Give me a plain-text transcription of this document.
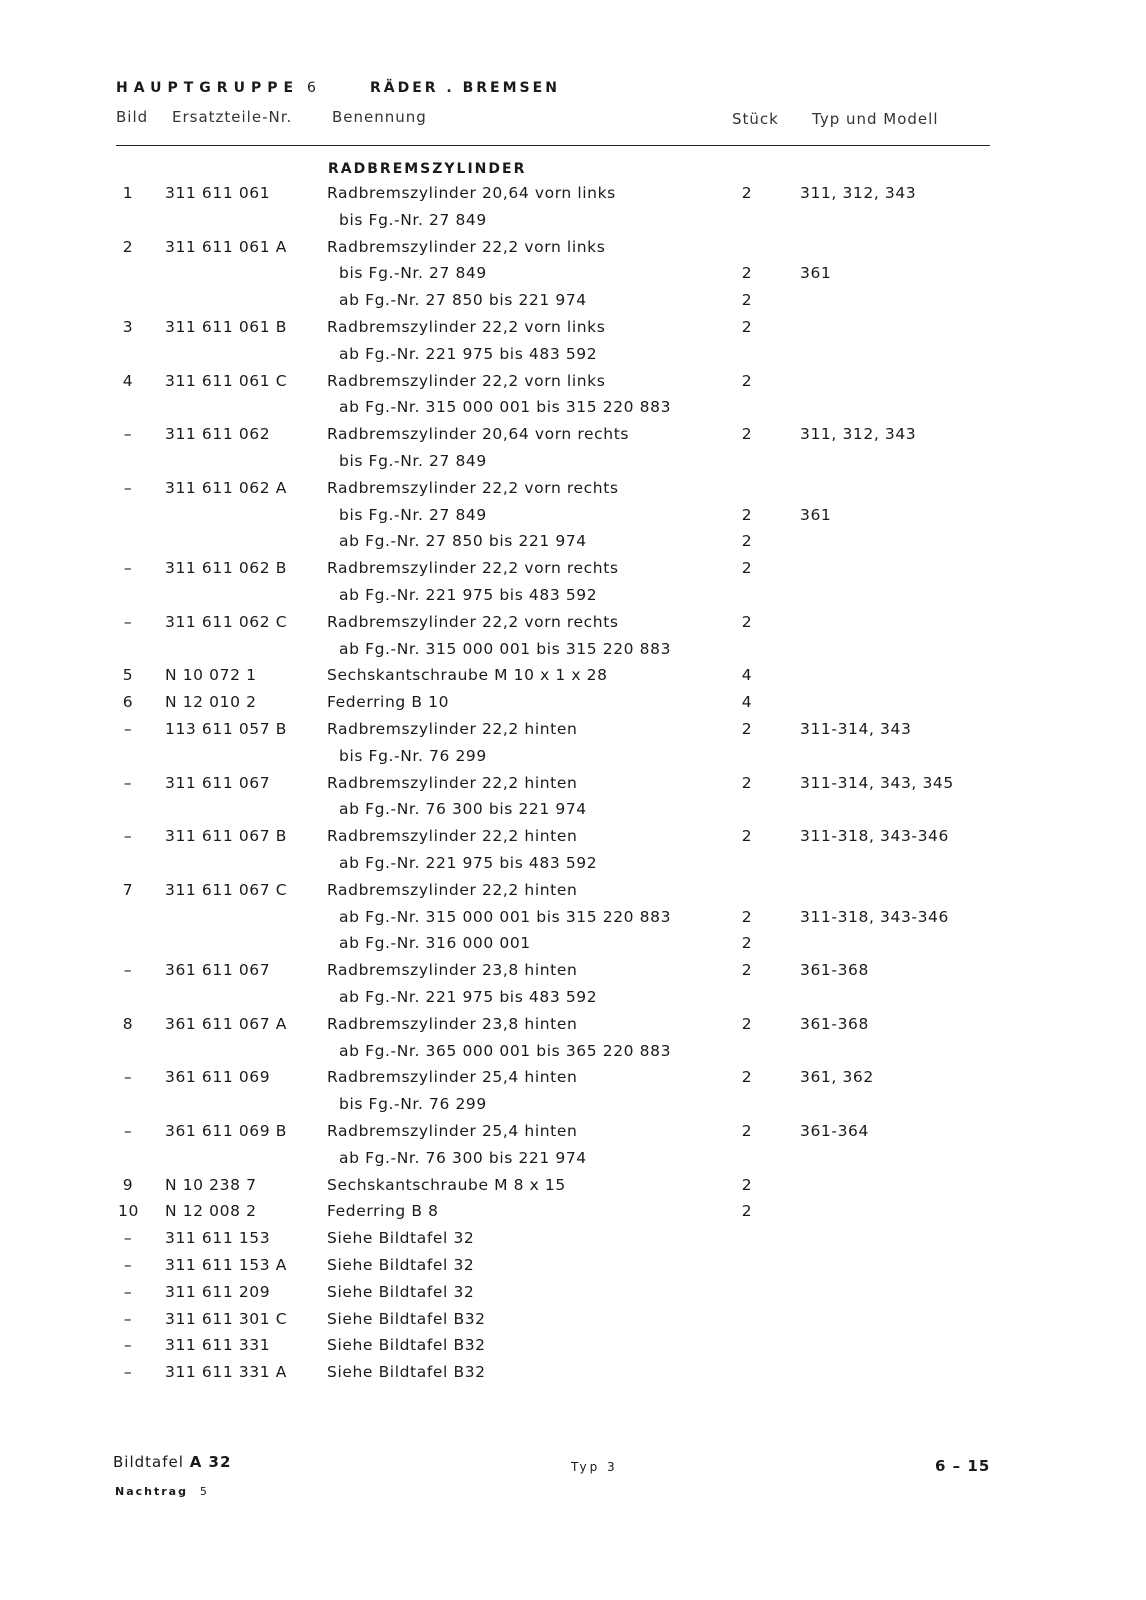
HAUPTGRUPPE 6	RÄDER . BREMSEN
Bild Ersatzteile-Nr.	Benennung	Stück Typ und Modell
RADBREMSZYLINDER
1	311 611 061	Radbremszylinder 20,64 vorn links	2	311, 312, 343
bis Fg.-Nr. 27 849
2	311 611 061 A	Radbremszylinder 22,2 vorn links
bis Fg.-Nr. 27 849	2	361
ab Fg.-Nr. 27 850 bis 221 974	2
3	311 611 061 B	Radbremszylinder 22,2 vorn links	2
ab Fg.-Nr. 221 975 bis 483 592
4	311 611 061 C	Radbremszylinder 22,2 vorn links	2
ab Fg.-Nr. 315 000 001 bis 315 220 883
–	311 611 062	Radbremszylinder 20,64 vorn rechts	2	311, 312, 343
bis Fg.-Nr. 27 849
–	311 611 062 A	Radbremszylinder 22,2 vorn rechts
bis Fg.-Nr. 27 849	2	361
ab Fg.-Nr. 27 850 bis 221 974	2
–	311 611 062 B	Radbremszylinder 22,2 vorn rechts	2
ab Fg.-Nr. 221 975 bis 483 592
–	311 611 062 C	Radbremszylinder 22,2 vorn rechts	2
ab Fg.-Nr. 315 000 001 bis 315 220 883
5	N 10 072 1	Sechskantschraube M 10 x 1 x 28	4
6	N 12 010 2	Federring B 10	4
–	113 611 057 B	Radbremszylinder 22,2 hinten	2	311-314, 343
bis Fg.-Nr. 76 299
–	311 611 067	Radbremszylinder 22,2 hinten	2	311-314, 343, 345
ab Fg.-Nr. 76 300 bis 221 974
–	311 611 067 B	Radbremszylinder 22,2 hinten	2	311-318, 343-346
ab Fg.-Nr. 221 975 bis 483 592
7	311 611 067 C	Radbremszylinder 22,2 hinten
ab Fg.-Nr. 315 000 001 bis 315 220 883	2	311-318, 343-346
ab Fg.-Nr. 316 000 001	2
–	361 611 067	Radbremszylinder 23,8 hinten	2	361-368
ab Fg.-Nr. 221 975 bis 483 592
8	361 611 067 A	Radbremszylinder 23,8 hinten	2	361-368
ab Fg.-Nr. 365 000 001 bis 365 220 883
–	361 611 069	Radbremszylinder 25,4 hinten	2	361, 362
bis Fg.-Nr. 76 299
–	361 611 069 B	Radbremszylinder 25,4 hinten	2	361-364
ab Fg.-Nr. 76 300 bis 221 974
9	N 10 238 7	Sechskantschraube M 8 x 15	2
10 N 12 008 2	Federring B 8	2
–	311 611 153	Siehe Bildtafel 32
–	311 611 153 A	Siehe Bildtafel 32
–	311 611 209	Siehe Bildtafel 32
–	311 611 301 C	Siehe Bildtafel B32
–	311 611 331	Siehe Bildtafel B32
–	311 611 331 A	Siehe Bildtafel B32
Bildtafel A 32	Typ 3	6 – 15
Nachtrag 5
